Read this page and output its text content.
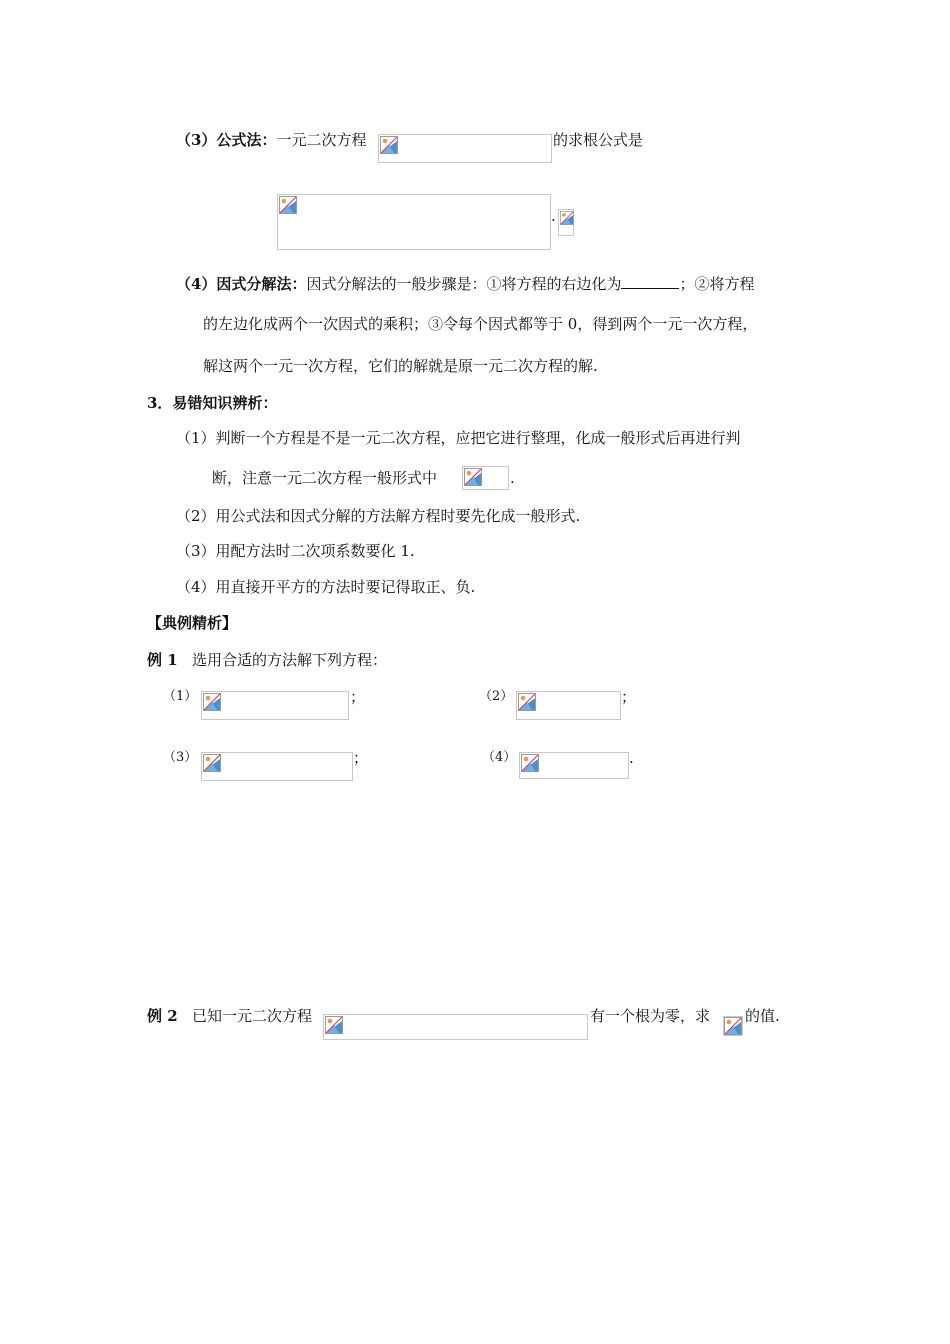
（3）公式法：一元二次方程	的求根公式是
.
（4）因式分解法：因式分解法的一般步骤是：①将方程的右边化为	；②将方程
的左边化成两个一次因式的乘积；③令每个因式都等于 0，得到两个一元一次方程，
解这两个一元一次方程，它们的解就是原一元二次方程的解.
3．易错知识辨析：
（1）判断一个方程是不是一元二次方程，应把它进行整理，化成一般形式后再进行判
断，注意一元二次方程一般形式中	.
（2）用公式法和因式分解的方法解方程时要先化成一般形式.
（3）用配方法时二次项系数要化 1.
（4）用直接开平方的方法时要记得取正、负.
【典例精析】
例 1 选用合适的方法解下列方程：
（1）	；	（2）	；
（3）	；	（4）	.
例 2 已知一元二次方程	有一个根为零，求 的值.
